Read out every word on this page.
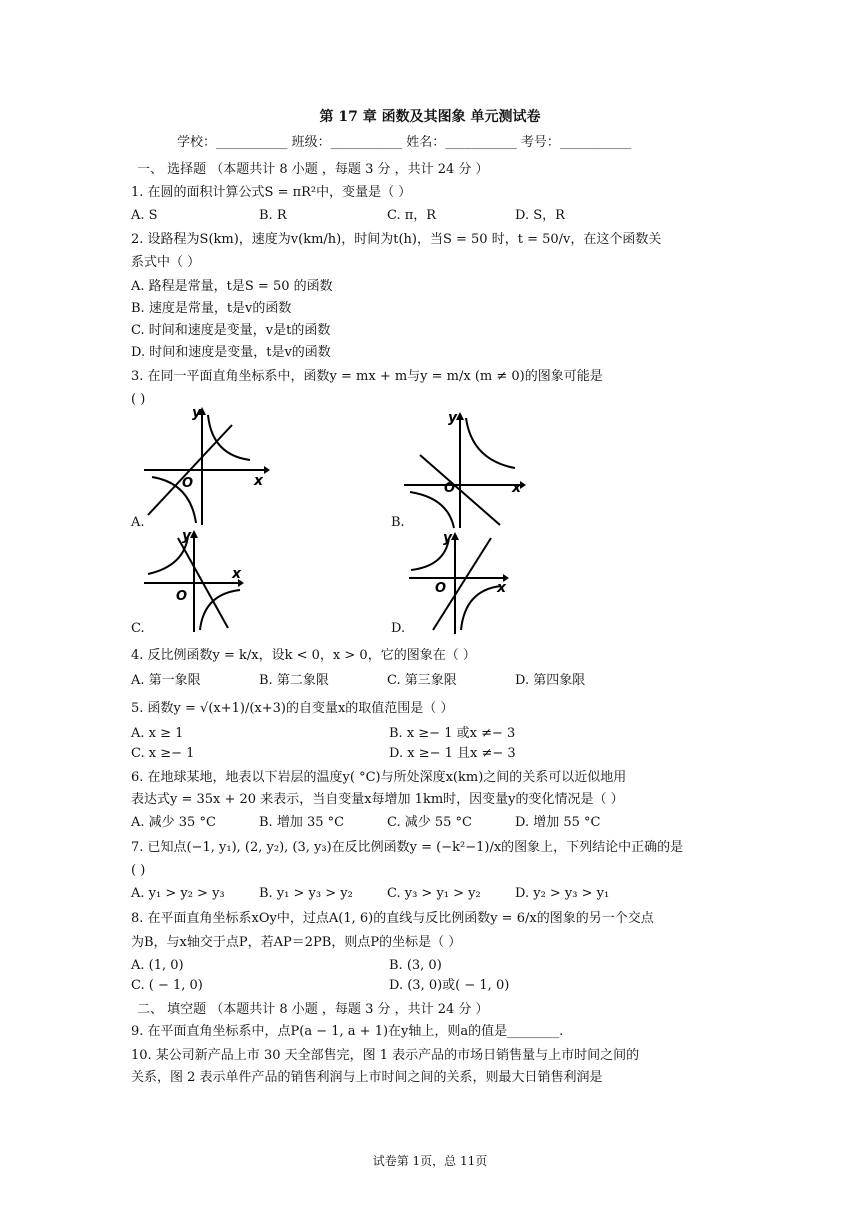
第 17 章 函数及其图象 单元测试卷
学校：___________ 班级：___________ 姓名：___________ 考号：___________
一、 选择题 （本题共计 8 小题 ，每题 3 分 ，共计 24 分 ）
1. 在圆的面积计算公式S = πR²中，变量是（ ）
A. S	B. R	C. π，R	D. S，R
2. 设路程为S(km)，速度为v(km/h)，时间为t(h)，当S = 50 时，t = 50/v，在这个函数关
系式中（ ）
A. 路程是常量，t是S = 50 的函数
B. 速度是常量，t是v的函数
C. 时间和速度是变量，v是t的函数
D. 时间和速度是变量，t是v的函数
3. 在同一平面直角坐标系中，函数y = mx + m与y = m/x (m ≠ 0)的图象可能是
( )
y
x
O
A.
y
x
O
B.
y
x
O
C.
y
x
O
D.
4. 反比例函数y = k/x，设k < 0，x > 0，它的图象在（ ）
A. 第一象限	B. 第二象限	C. 第三象限	D. 第四象限
5. 函数y = √(x+1)/(x+3)的自变量x的取值范围是（ ）
A. x ≥ 1	B. x ≥− 1 或x ≠− 3
C. x ≥− 1	D. x ≥− 1 且x ≠− 3
6. 在地球某地，地表以下岩层的温度y( °C)与所处深度x(km)之间的关系可以近似地用
表达式y = 35x + 20 来表示，当自变量x每增加 1km时，因变量y的变化情况是（ ）
A. 减少 35 °C	B. 增加 35 °C	C. 减少 55 °C	D. 增加 55 °C
7. 已知点(−1, y₁), (2, y₂), (3, y₃)在反比例函数y = (−k²−1)/x的图象上，下列结论中正确的是
( )
A. y₁ > y₂ > y₃	B. y₁ > y₃ > y₂	C. y₃ > y₁ > y₂	D. y₂ > y₃ > y₁
8. 在平面直角坐标系xOy中，过点A(1, 6)的直线与反比例函数y = 6/x的图象的另一个交点
为B，与x轴交于点P，若AP＝2PB，则点P的坐标是（ ）
A. (1, 0)	B. (3, 0)
C. ( − 1, 0)	D. (3, 0)或( − 1, 0)
二、 填空题 （本题共计 8 小题 ，每题 3 分 ，共计 24 分 ）
9. 在平面直角坐标系中，点P(a − 1, a + 1)在y轴上，则a的值是________.
10. 某公司新产品上市 30 天全部售完，图 1 表示产品的市场日销售量与上市时间之间的
关系，图 2 表示单件产品的销售利润与上市时间之间的关系，则最大日销售利润是
试卷第 1页，总 11页
